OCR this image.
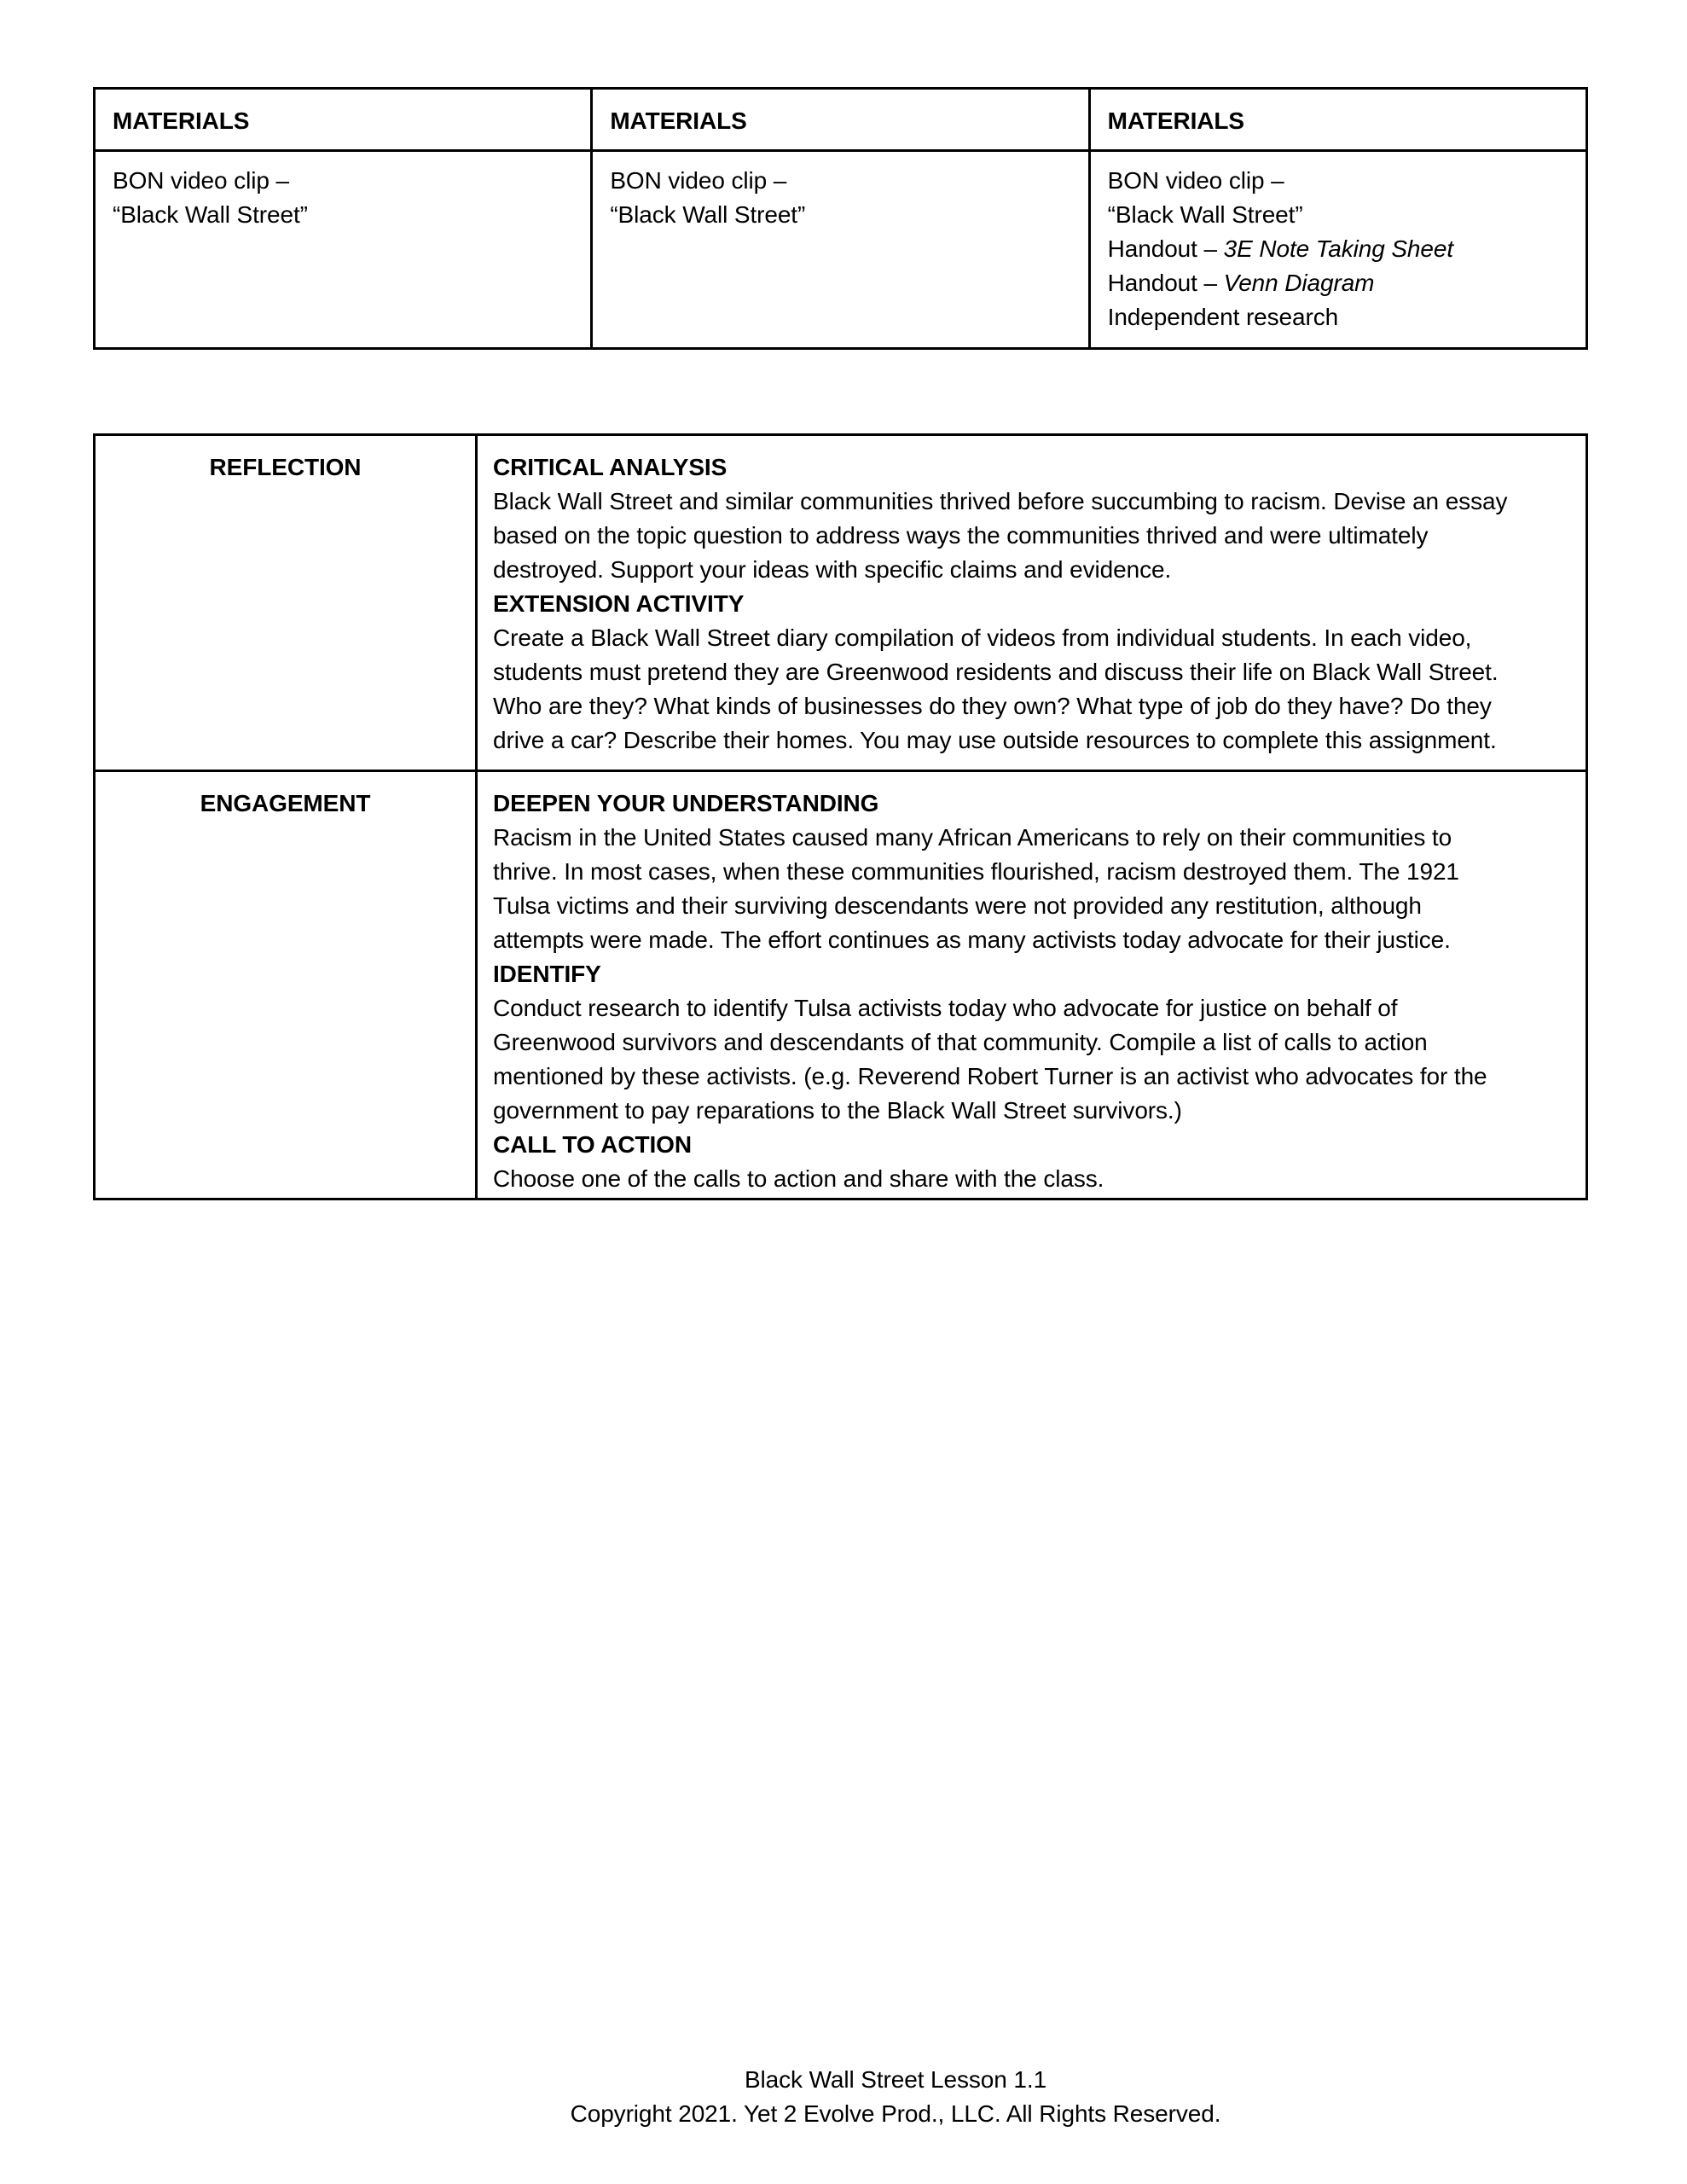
MATERIALS
BON video clip –
“Black Wall Street”
MATERIALS
BON video clip –
“Black Wall Street”
MATERIALS
BON video clip –
“Black Wall Street”
Handout – 3E Note Taking Sheet
Handout – Venn Diagram
Independent research
REFLECTION	CRITICAL ANALYSIS
Black Wall Street and similar communities thrived before succumbing to racism. Devise an essay
based on the topic question to address ways the communities thrived and were ultimately
destroyed. Support your ideas with specific claims and evidence.
EXTENSION ACTIVITY
Create a Black Wall Street diary compilation of videos from individual students. In each video,
students must pretend they are Greenwood residents and discuss their life on Black Wall Street.
Who are they? What kinds of businesses do they own? What type of job do they have? Do they
drive a car? Describe their homes. You may use outside resources to complete this assignment.
ENGAGEMENT	DEEPEN YOUR UNDERSTANDING
Racism in the United States caused many African Americans to rely on their communities to
thrive. In most cases, when these communities flourished, racism destroyed them. The 1921
Tulsa victims and their surviving descendants were not provided any restitution, although
attempts were made. The effort continues as many activists today advocate for their justice.
IDENTIFY
Conduct research to identify Tulsa activists today who advocate for justice on behalf of
Greenwood survivors and descendants of that community. Compile a list of calls to action
mentioned by these activists. (e.g. Reverend Robert Turner is an activist who advocates for the
government to pay reparations to the Black Wall Street survivors.)
CALL TO ACTION
Choose one of the calls to action and share with the class.
Black Wall Street Lesson 1.1
Copyright 2021. Yet 2 Evolve Prod., LLC. All Rights Reserved.
